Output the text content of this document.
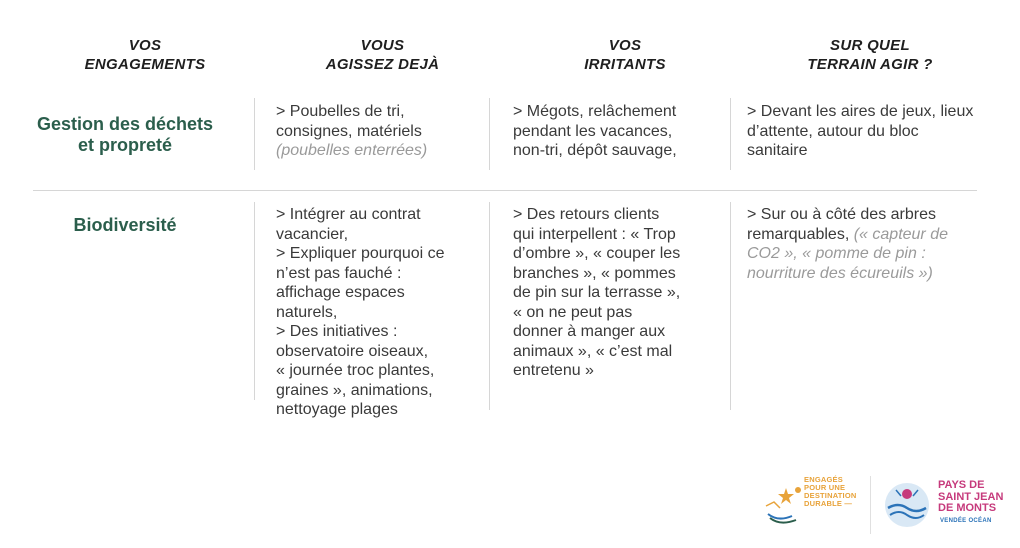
VOS
ENGAGEMENTS
VOUS
AGISSEZ DEJÀ
VOS
IRRITANTS
SUR QUEL
TERRAIN AGIR ?
Gestion des déchets
et propreté
Biodiversité
> Poubelles de tri,
consignes, matériels
(poubelles enterrées)
> Mégots, relâchement
pendant les vacances,
non-tri, dépôt sauvage,
> Devant les aires de jeux, lieux
d’attente, autour du bloc
sanitaire
> Intégrer au contrat
vacancier,
> Expliquer pourquoi ce
n’est pas fauché :
affichage espaces
naturels,
> Des initiatives :
observatoire oiseaux,
« journée troc plantes,
graines », animations,
nettoyage plages
> Des retours clients
qui interpellent : « Trop
d’ombre », « couper les
branches », « pommes
de pin sur la terrasse »,
« on ne peut pas
donner à manger aux
animaux », « c’est mal
entretenu »
> Sur ou à côté des arbres
remarquables, (« capteur de
CO2 », « pomme de pin :
nourriture des écureuils »)
ENGAGÉS
POUR UNE
DESTINATION
DURABLE —
PAYS DE
SAINT JEAN
DE MONTS
VENDÉE OCÉAN
